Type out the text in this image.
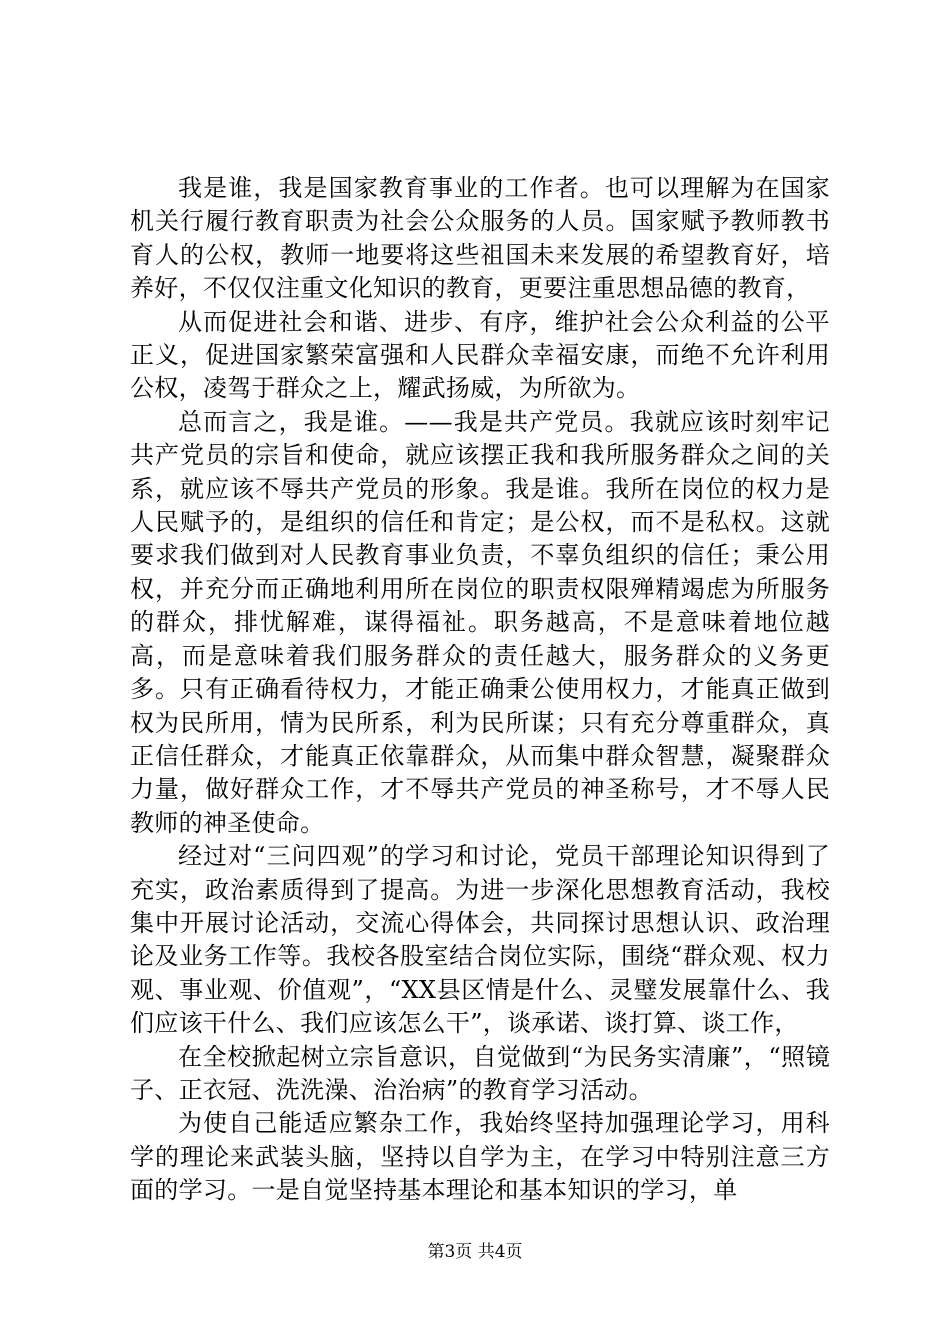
我是谁，我是国家教育事业的工作者。也可以理解为在国家机关行履行教育职责为社会公众服务的人员。国家赋予教师教书育人的公权，教师一地要将这些祖国未来发展的希望教育好，培养好，不仅仅注重文化知识的教育，更要注重思想品德的教育，

从而促进社会和谐、进步、有序，维护社会公众利益的公平正义，促进国家繁荣富强和人民群众幸福安康，而绝不允许利用公权，凌驾于群众之上，耀武扬威，为所欲为。

总而言之，我是谁。——我是共产党员。我就应该时刻牢记共产党员的宗旨和使命，就应该摆正我和我所服务群众之间的关系，就应该不辱共产党员的形象。我是谁。我所在岗位的权力是人民赋予的，是组织的信任和肯定；是公权，而不是私权。这就要求我们做到对人民教育事业负责，不辜负组织的信任；秉公用权，并充分而正确地利用所在岗位的职责权限殚精竭虑为所服务的群众，排忧解难，谋得福祉。职务越高，不是意味着地位越高，而是意味着我们服务群众的责任越大，服务群众的义务更多。只有正确看待权力，才能正确秉公使用权力，才能真正做到权为民所用，情为民所系，利为民所谋；只有充分尊重群众，真正信任群众，才能真正依靠群众，从而集中群众智慧，凝聚群众力量，做好群众工作，才不辱共产党员的神圣称号，才不辱人民教师的神圣使命。

经过对“三问四观”的学习和讨论，党员干部理论知识得到了充实，政治素质得到了提高。为进一步深化思想教育活动，我校集中开展讨论活动，交流心得体会，共同探讨思想认识、政治理论及业务工作等。我校各股室结合岗位实际，围绕“群众观、权力观、事业观、价值观”，“XX县区情是什么、灵璧发展靠什么、我们应该干什么、我们应该怎么干”，谈承诺、谈打算、谈工作，

在全校掀起树立宗旨意识，自觉做到“为民务实清廉”，“照镜子、正衣冠、洗洗澡、治治病”的教育学习活动。

为使自己能适应繁杂工作，我始终坚持加强理论学习，用科学的理论来武装头脑，坚持以自学为主，在学习中特别注意三方面的学习。一是自觉坚持基本理论和基本知识的学习，单

第3页 共4页
